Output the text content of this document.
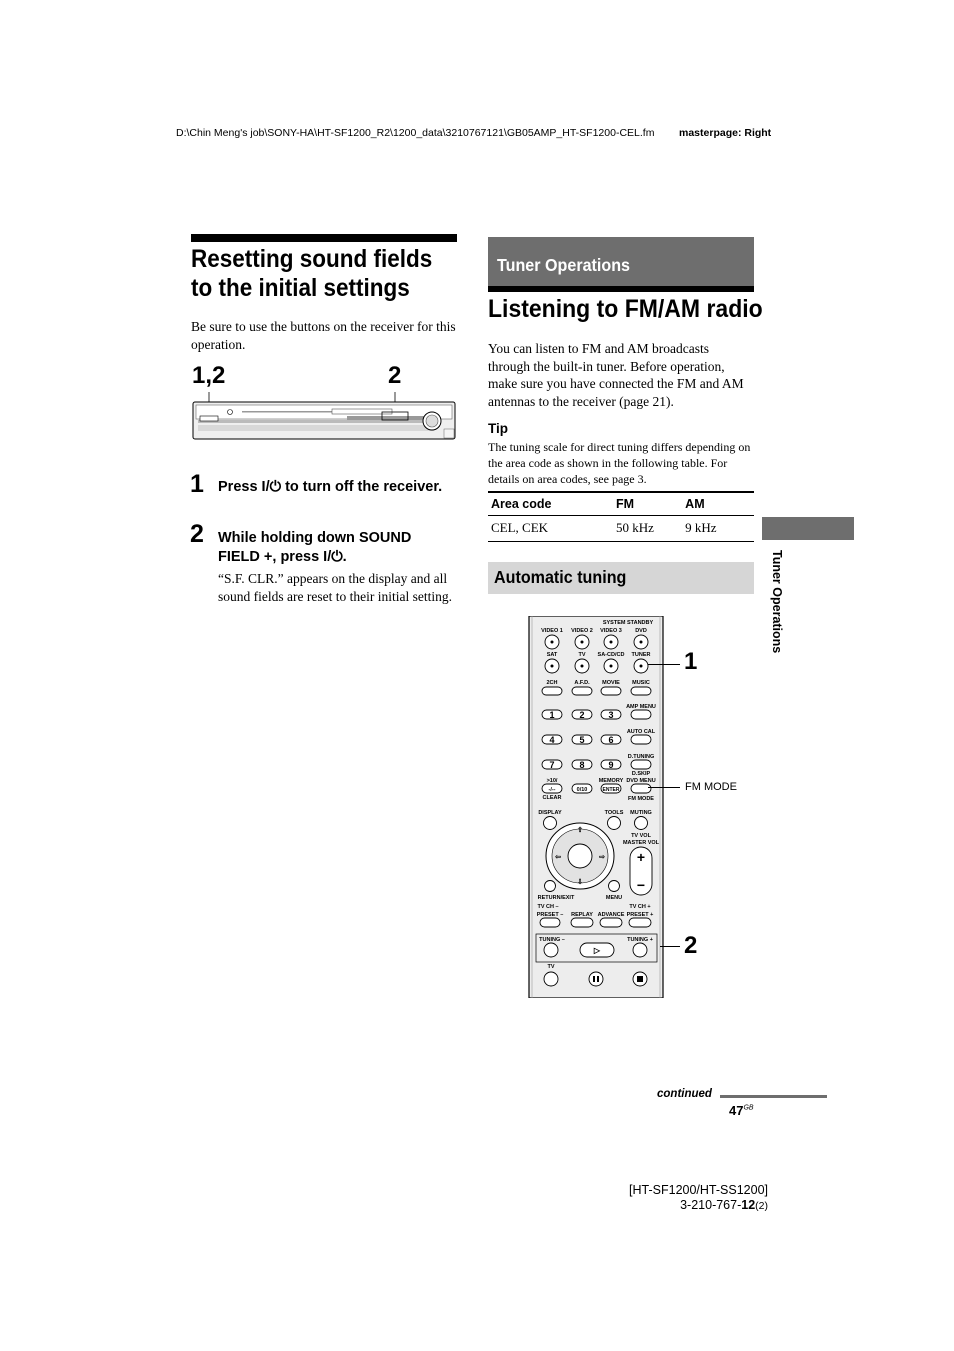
D:\Chin Meng's job\SONY-HA\HT-SF1200_R2\1200_data\3210767121\GB05AMP_HT-SF1200-CEL.fm masterpage: Right
Resetting sound fields to the initial settings
Be sure to use the buttons on the receiver for this operation.
1,2	2
1 Press I/⏻ to turn off the receiver.
2 While holding down SOUND FIELD +, press I/⏻.
“S.F. CLR.” appears on the display and all sound fields are reset to their initial setting.
Tuner Operations
Listening to FM/AM radio
You can listen to FM and AM broadcasts through the built-in tuner. Before operation, make sure you have connected the FM and AM antennas to the receiver (page 21).
Tip
The tuning scale for direct tuning differs depending on the area code as shown in the following table. For details on area codes, see page 3.
Area code	FM	AM
CEL, CEK	50 kHz	9 kHz
Automatic tuning
SYSTEM STANDBY
VIDEO 1 VIDEO 2 VIDEO 3 DVD
SAT	TV SA-CD/CD TUNER
2CH	A.F.D. MOVIE MUSIC
AMP MENU
1	2	3
4	5	6
7	8	9
AUTO CAL
D.TUNING
D.SKIP
DVD MENU
MEMORY
>10/
-/--	0/10	ENTER
CLEAR	FM MODE
DISPLAY	TOOLS MUTING
TV VOL
MASTER VOL
+
−
⇧
⇩
⇦	⇨
RETURN/EXIT	MENU
TV CH –	TV CH +
PRESET – REPLAY ADVANCE PRESET +
TUNING –	TUNING +
▷
TV
1
2
FM MODE
Tuner Operations
continued
$47^{GB}$
[HT-SF1200/HT-SS1200]
3-210-767-12(2)
